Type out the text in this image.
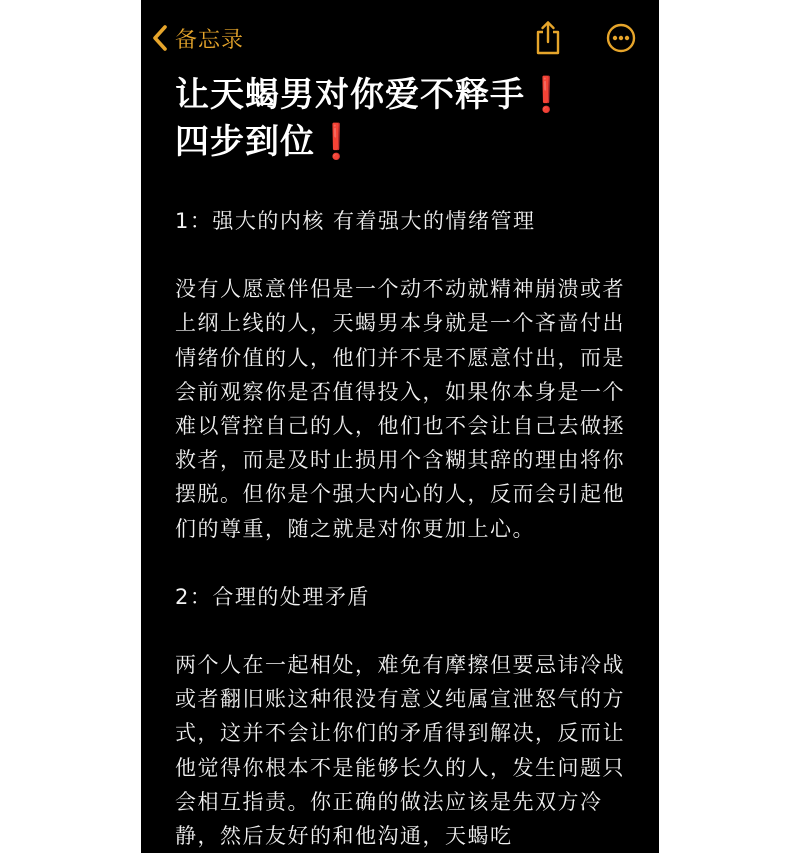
备忘录
让天蝎男对你爱不释手❗
四步到位❗

1：强大的内核 有着强大的情绪管理

没有人愿意伴侣是一个动不动就精神崩溃或者上纲上线的人，天蝎男本身就是一个吝啬付出情绪价值的人，他们并不是不愿意付出，而是会前观察你是否值得投入，如果你本身是一个难以管控自己的人，他们也不会让自己去做拯救者，而是及时止损用个含糊其辞的理由将你摆脱。但你是个强大内心的人，反而会引起他们的尊重，随之就是对你更加上心。

2：合理的处理矛盾

两个人在一起相处，难免有摩擦但要忌讳冷战或者翻旧账这种很没有意义纯属宣泄怒气的方式，这并不会让你们的矛盾得到解决，反而让他觉得你根本不是能够长久的人，发生问题只会相互指责。你正确的做法应该是先双方冷静，然后友好的和他沟通，天蝎吃
